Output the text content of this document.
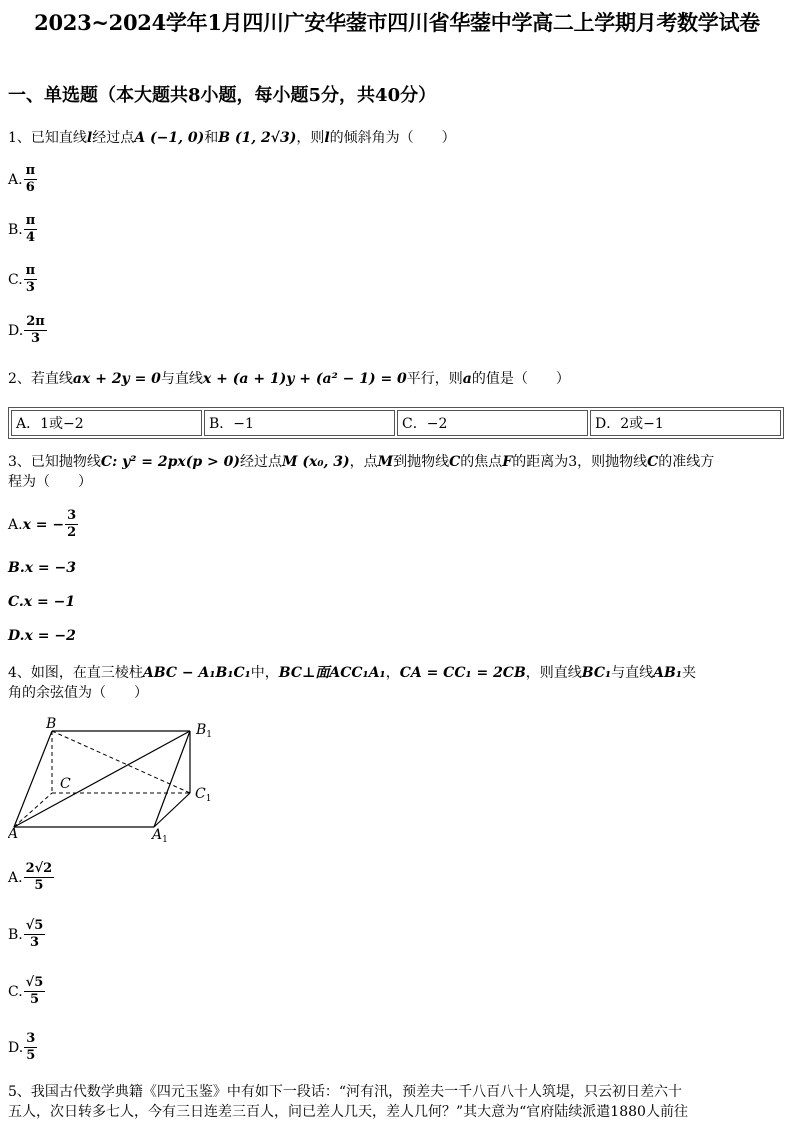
2023~2024学年1月四川广安华蓥市四川省华蓥中学高二上学期月考数学试卷
一、单选题（本大题共8小题，每小题5分，共40分）
1、已知直线l经过点A (−1, 0)和B (1, 2√3)，则l的倾斜角为（　　）
A. $\frac{\pi}{6}$
B. $\frac{\pi}{4}$
C. $\frac{\pi}{3}$
D. $\frac{2\pi}{3}$
2、若直线ax + 2y = 0与直线x + (a + 1)y + (a² − 1) = 0平行，则a的值是（　　）
A．1或−2	B．−1	C．−2	D．2或−1
3、已知抛物线C: y² = 2px(p > 0)经过点M (x₀, 3)，点M到抛物线C的焦点F的距离为3，则抛物线C的准线方
程为（　　）
A. x = − $\frac{3}{2}$
B.x = −3
C.x = −1
D.x = −2
4、如图，在直三棱柱ABC − A₁B₁C₁中，BC⊥面ACC₁A₁，CA = CC₁ = 2CB，则直线BC₁与直线AB₁夹
角的余弦值为（　　）
B	$B_1$
C
$C_1$
A	$A_1$
A. $\frac{2√2}{5}$
B. $\frac{√5}{3}$
C. $\frac{√5}{5}$
D. $\frac{3}{5}$
5、我国古代数学典籍《四元玉鉴》中有如下一段话：“河有汛，预差夫一千八百八十人筑堤，只云初日差六十
五人，次日转多七人，今有三日连差三百人，问已差人几天，差人几何？”其大意为“官府陆续派遣1880人前往
